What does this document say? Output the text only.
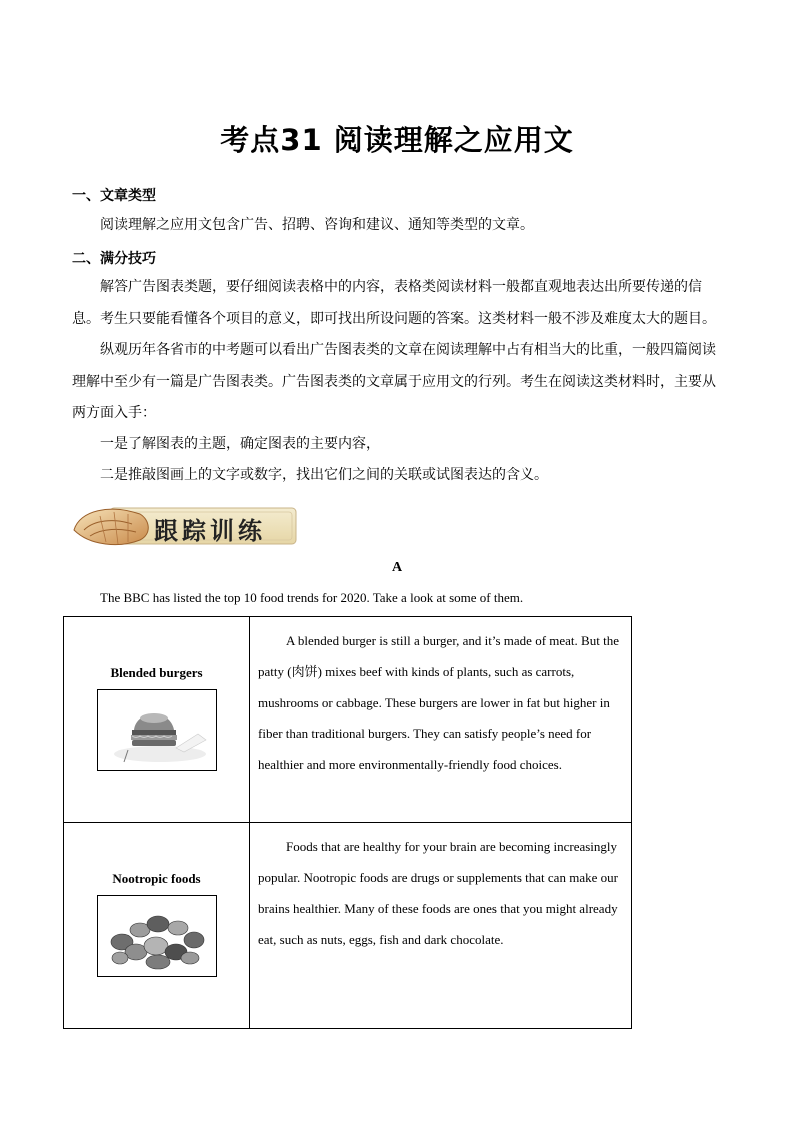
考点31 阅读理解之应用文
一、文章类型
阅读理解之应用文包含广告、招聘、咨询和建议、通知等类型的文章。
二、满分技巧
解答广告图表类题，要仔细阅读表格中的内容，表格类阅读材料一般都直观地表达出所要传递的信息。考生只要能看懂各个项目的意义，即可找出所设问题的答案。这类材料一般不涉及难度太大的题目。
纵观历年各省市的中考题可以看出广告图表类的文章在阅读理解中占有相当大的比重，一般四篇阅读理解中至少有一篇是广告图表类。广告图表类的文章属于应用文的行列。考生在阅读这类材料时，主要从两方面入手：
一是了解图表的主题，确定图表的主要内容，
二是推敲图画上的文字或数字，找出它们之间的关联或试图表达的含义。
跟踪训练
A
The BBC has listed the top 10 food trends for 2020. Take a look at some of them.
Blended burgers	A blended burger is still a burger, and it’s made of meat. But the patty (肉饼) mixes beef with kinds of plants, such as carrots, mushrooms or cabbage. These burgers are lower in fat but higher in fiber than traditional burgers. They can satisfy people’s need for healthier and more environmentally-friendly food choices.

Nootropic foods	Foods that are healthy for your brain are becoming increasingly popular. Nootropic foods are drugs or supplements that can make our brains healthier. Many of these foods are ones that you might already eat, such as nuts, eggs, fish and dark chocolate.
